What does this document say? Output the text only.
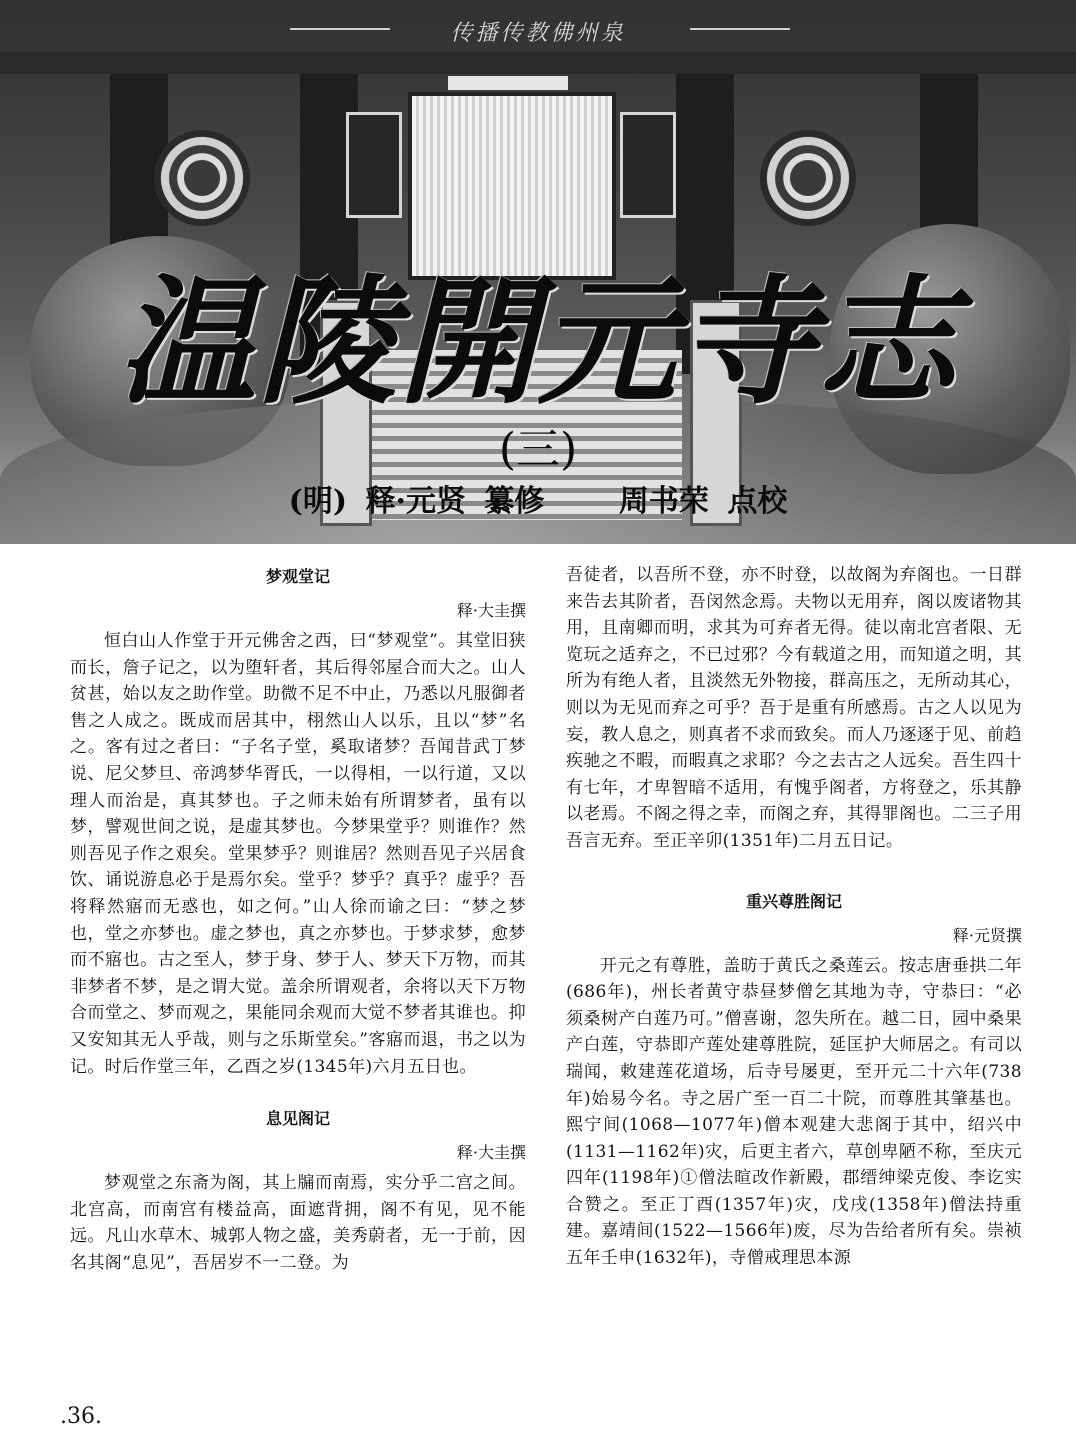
传播传教佛州泉
温陵開元寺志
(三)
(明) 释·元贤 纂修 周书荣 点校
梦观堂记
释·大圭撰

恒白山人作堂于开元佛舍之西，曰“梦观堂”。其堂旧狭而长，詹子记之，以为堕轩者，其后得邻屋合而大之。山人贫甚，始以友之助作堂。助微不足不中止，乃悉以凡服御者售之人成之。既成而居其中，栩然山人以乐，且以“梦”名之。客有过之者曰：“子名子堂，奚取诸梦？吾闻昔武丁梦说、尼父梦旦、帝鸿梦华胥氏，一以得相，一以行道，又以理人而治是，真其梦也。子之师未始有所谓梦者，虽有以梦，譬观世间之说，是虚其梦也。今梦果堂乎？则谁作？然则吾见子作之艰矣。堂果梦乎？则谁居？然则吾见子兴居食饮、诵说游息必于是焉尔矣。堂乎？梦乎？真乎？虚乎？吾将释然寤而无惑也，如之何。”山人徐而谕之曰：“梦之梦也，堂之亦梦也。虚之梦也，真之亦梦也。于梦求梦，愈梦而不寤也。古之至人，梦于身、梦于人、梦天下万物，而其非梦者不梦，是之谓大觉。盖余所谓观者，余将以天下万物合而堂之、梦而观之，果能同余观而大觉不梦者其谁也。抑又安知其无人乎哉，则与之乐斯堂矣。”客寤而退，书之以为记。时后作堂三年，乙酉之岁(1345年)六月五日也。

息见阁记
释·大圭撰

梦观堂之东斋为阁，其上牖而南焉，实分乎二宫之间。北宫高，而南宫有楼益高，面遮背拥，阁不有见，见不能远。凡山水草木、城郭人物之盛，美秀蔚者，无一于前，因名其阁“息见”，吾居岁不一二登。为

吾徒者，以吾所不登，亦不时登，以故阁为弃阁也。一日群来告去其阶者，吾闵然念焉。夫物以无用弃，阁以废诸物其用，且南卿而明，求其为可弃者无得。徒以南北宫者限、无览玩之适弃之，不已过邪？今有载道之用，而知道之明，其所为有绝人者，且淡然无外物接，群高压之，无所动其心，则以为无见而弃之可乎？吾于是重有所感焉。古之人以见为妄，教人息之，则真者不求而致矣。而人乃逐逐于见、前趋疾驰之不暇，而暇真之求耶？今之去古之人远矣。吾生四十有七年，才卑智暗不适用，有愧乎阁者，方将登之，乐其静以老焉。不阁之得之幸，而阁之弃，其得罪阁也。二三子用吾言无弃。至正辛卯(1351年)二月五日记。

重兴尊胜阁记
释·元贤撰

开元之有尊胜，盖昉于黄氏之桑莲云。按志唐垂拱二年(686年)，州长者黄守恭昼梦僧乞其地为寺，守恭曰：“必须桑树产白莲乃可。”僧喜谢，忽失所在。越二日，园中桑果产白莲，守恭即产莲处建尊胜院，延匡护大师居之。有司以瑞闻，敕建莲花道场，后寺号屡更，至开元二十六年(738年)始易今名。寺之居广至一百二十院，而尊胜其肇基也。熙宁间(1068—1077年)僧本观建大悲阁于其中，绍兴中(1131—1162年)灾，后更主者六，草创卑陋不称，至庆元四年(1198年)①僧法暄改作新殿，郡缙绅梁克俊、李讫实合赞之。至正丁酉(1357年)灾，戊戌(1358年)僧法持重建。嘉靖间(1522—1566年)废，尽为告给者所有矣。崇祯五年壬申(1632年)，寺僧戒理思本源

.36.
